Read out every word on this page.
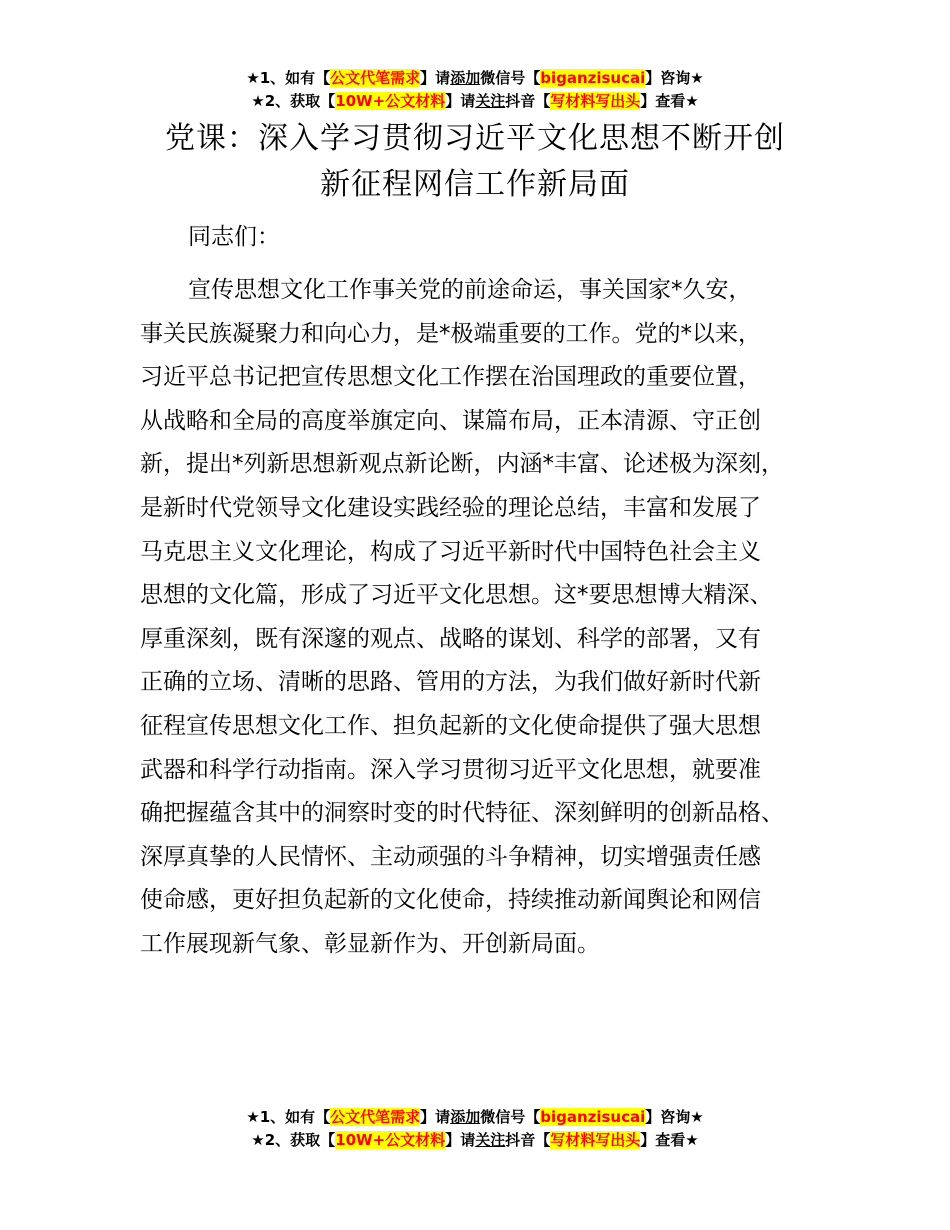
★1、如有【公文代笔需求】请添加微信号【biganzisucai】咨询★
★2、获取【10W+公文材料】请关注抖音【写材料写出头】查看★
党课：深入学习贯彻习近平文化思想不断开创
新征程网信工作新局面
同志们：
宣传思想文化工作事关党的前途命运，事关国家*久安，
事关民族凝聚力和向心力，是*极端重要的工作。党的*以来，
习近平总书记把宣传思想文化工作摆在治国理政的重要位置，
从战略和全局的高度举旗定向、谋篇布局，正本清源、守正创
新，提出*列新思想新观点新论断，内涵*丰富、论述极为深刻，
是新时代党领导文化建设实践经验的理论总结，丰富和发展了
马克思主义文化理论，构成了习近平新时代中国特色社会主义
思想的文化篇，形成了习近平文化思想。这*要思想博大精深、
厚重深刻，既有深邃的观点、战略的谋划、科学的部署，又有
正确的立场、清晰的思路、管用的方法，为我们做好新时代新
征程宣传思想文化工作、担负起新的文化使命提供了强大思想
武器和科学行动指南。深入学习贯彻习近平文化思想，就要准
确把握蕴含其中的洞察时变的时代特征、深刻鲜明的创新品格、
深厚真挚的人民情怀、主动顽强的斗争精神，切实增强责任感
使命感，更好担负起新的文化使命，持续推动新闻舆论和网信
工作展现新气象、彰显新作为、开创新局面。
★1、如有【公文代笔需求】请添加微信号【biganzisucai】咨询★
★2、获取【10W+公文材料】请关注抖音【写材料写出头】查看★
